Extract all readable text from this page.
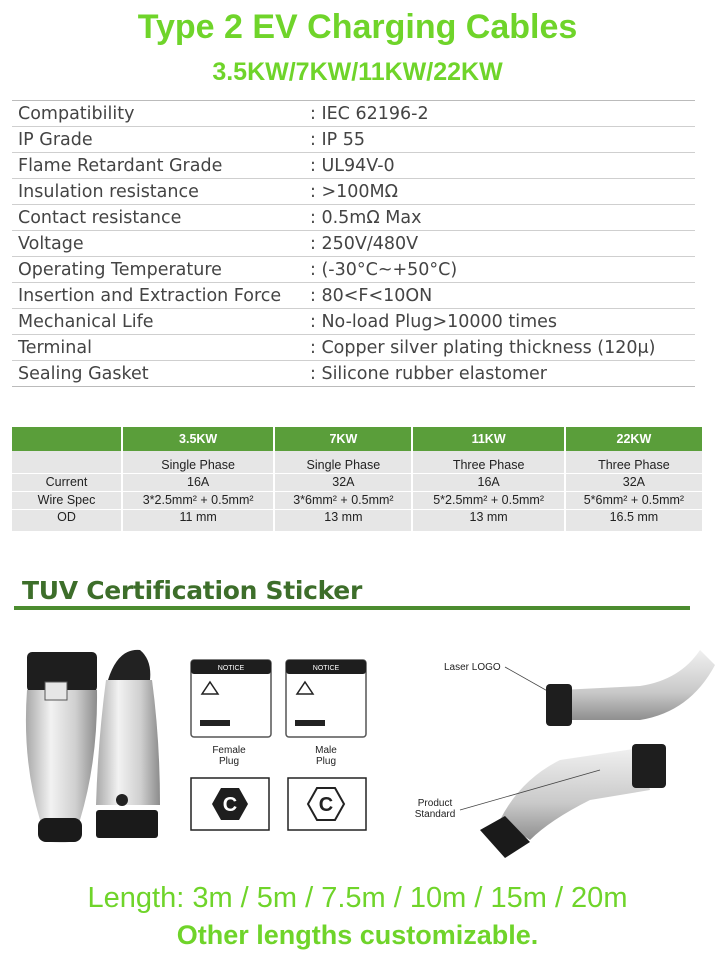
Type 2 EV Charging Cables
3.5KW/7KW/11KW/22KW
Compatibility	: IEC 62196-2
IP Grade	: IP 55
Flame Retardant Grade	: UL94V-0
Insulation resistance	: >100MΩ
Contact resistance	: 0.5mΩ Max
Voltage	: 250V/480V
Operating Temperature	: (-30°C~+50°C)
Insertion and Extraction Force : 80<F<10ON
Mechanical Life	: No-load Plug>10000 times
Terminal	: Copper silver plating thickness (120μ)
Sealing Gasket	: Silicone rubber elastomer
	3.5KW	7KW	11KW	22KW
	Single Phase	Single Phase	Three Phase	Three Phase
Current	16A	32A	16A	32A
Wire Spec	3*2.5mm² + 0.5mm²	3*6mm² + 0.5mm²	5*2.5mm² + 0.5mm²	5*6mm² + 0.5mm²
OD	11 mm	13 mm	13 mm	16.5 mm
TUV Certification Sticker
NOTICE	NOTICE
Female
Plug
Male
Plug
C	C
Laser LOGO
Product
Standard
Length: 3m / 5m / 7.5m / 10m / 15m / 20m
Other lengths customizable.
